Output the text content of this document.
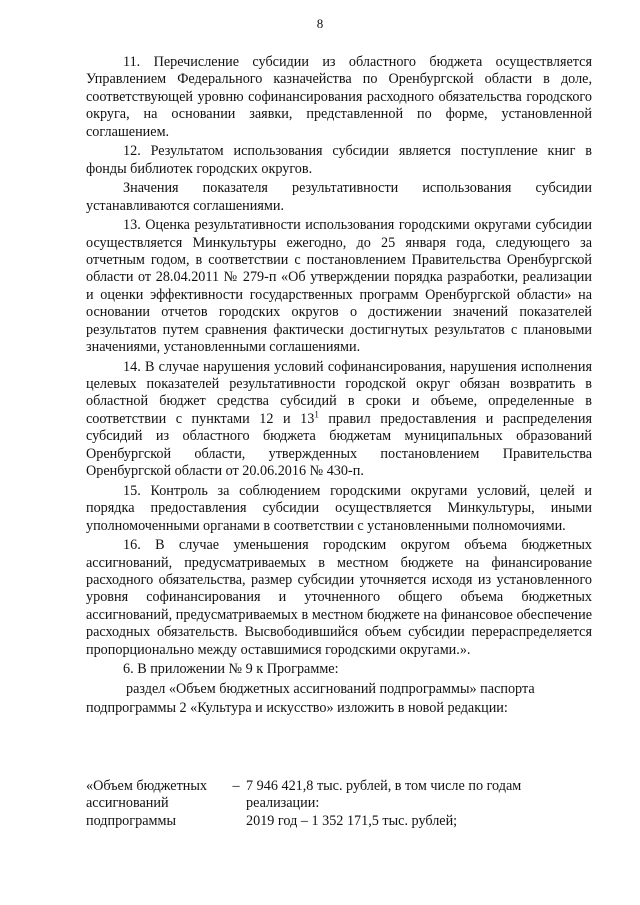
8

11. Перечисление субсидии из областного бюджета осуществляется Управлением Федерального казначейства по Оренбургской области в доле, соответствующей уровню софинансирования расходного обязательства городского округа, на основании заявки, представленной по форме, установленной соглашением.

12. Результатом использования субсидии является поступление книг в фонды библиотек городских округов.

Значения показателя результативности использования субсидии устанавливаются соглашениями.

13. Оценка результативности использования городскими округами субсидии осуществляется Минкультуры ежегодно, до 25 января года, следующего за отчетным годом, в соответствии с постановлением Правительства Оренбургской области от 28.04.2011 № 279-п «Об утверждении порядка разработки, реализации и оценки эффективности государственных программ Оренбургской области» на основании отчетов городских округов о достижении значений показателей результатов путем сравнения фактически достигнутых результатов с плановыми значениями, установленными соглашениями.

14. В случае нарушения условий софинансирования, нарушения исполнения целевых показателей результативности городской округ обязан возвратить в областной бюджет средства субсидий в сроки и объеме, определенные в соответствии с пунктами 12 и $13^1$ правил предоставления и распределения субсидий из областного бюджета бюджетам муниципальных образований Оренбургской области, утвержденных постановлением Правительства Оренбургской области от 20.06.2016 № 430-п.

15. Контроль за соблюдением городскими округами условий, целей и порядка предоставления субсидии осуществляется Минкультуры, иными уполномоченными органами в соответствии с установленными полномочиями.

16. В случае уменьшения городским округом объема бюджетных ассигнований, предусматриваемых в местном бюджете на финансирование расходного обязательства, размер субсидии уточняется исходя из установленного уровня софинансирования и уточненного общего объема бюджетных ассигнований, предусматриваемых в местном бюджете на финансовое обеспечение расходных обязательств. Высвободившийся объем субсидии перераспределяется пропорционально между оставшимися городскими округами.».

6. В приложении № 9 к Программе:

раздел «Объем бюджетных ассигнований подпрограммы» паспорта

подпрограммы 2 «Культура и искусство» изложить в новой редакции:

«Объем бюджетных ассигнований подпрограммы
– 7 946 421,8 тыс. рублей, в том числе по годам реализации:
2019 год – 1 352 171,5 тыс. рублей;
